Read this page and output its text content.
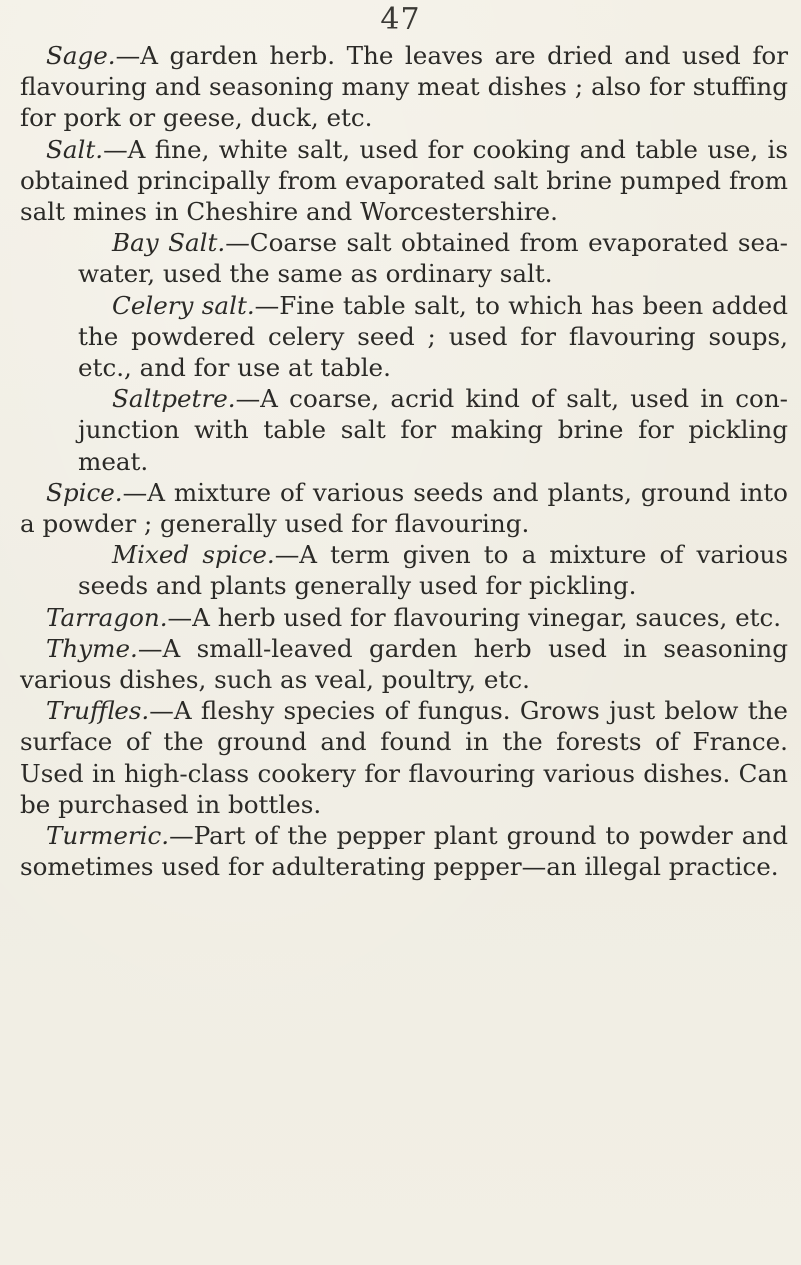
47

Sage.—A garden herb. The leaves are dried and used for flavouring and seasoning many meat dishes ; also for stuffing for pork or geese, duck, etc.

Salt.—A fine, white salt, used for cooking and table use, is obtained principally from evaporated salt brine pumped from salt mines in Cheshire and Worcestershire.

Bay Salt.—Coarse salt obtained from evaporated sea-water, used the same as ordinary salt.

Celery salt.—Fine table salt, to which has been added the powdered celery seed ; used for flavouring soups, etc., and for use at table.

Saltpetre.—A coarse, acrid kind of salt, used in con-junction with table salt for making brine for pickling meat.

Spice.—A mixture of various seeds and plants, ground into a powder ; generally used for flavouring.

Mixed spice.—A term given to a mixture of various seeds and plants generally used for pickling.

Tarragon.—A herb used for flavouring vinegar, sauces, etc.

Thyme.—A small-leaved garden herb used in seasoning various dishes, such as veal, poultry, etc.

Truffles.—A fleshy species of fungus. Grows just below the surface of the ground and found in the forests of France. Used in high-class cookery for flavouring various dishes. Can be purchased in bottles.

Turmeric.—Part of the pepper plant ground to powder and sometimes used for adulterating pepper—an illegal practice.
